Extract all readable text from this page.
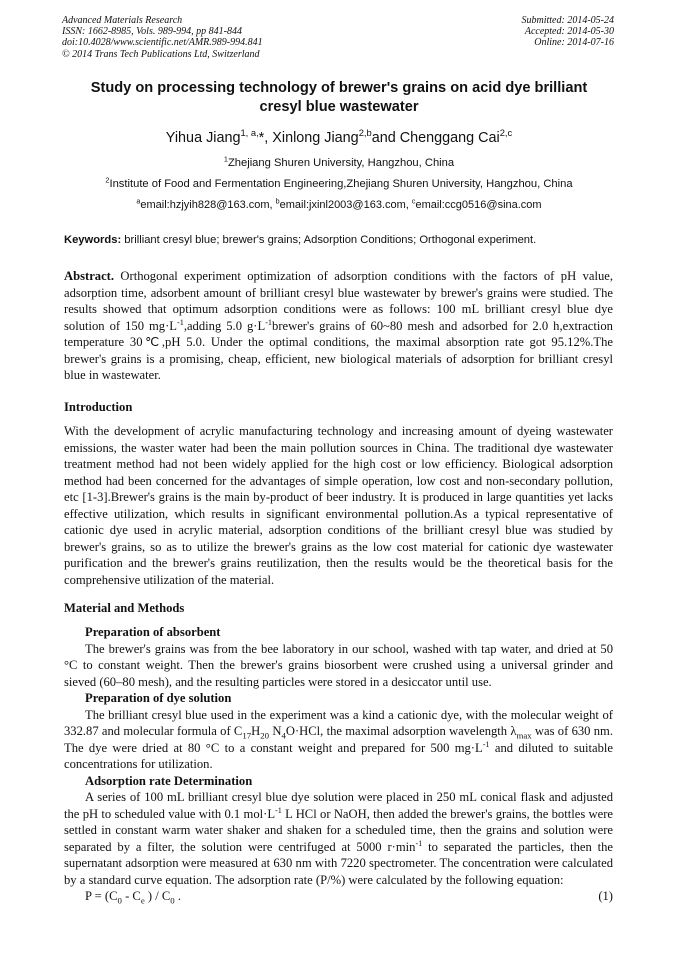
Advanced Materials Research
ISSN: 1662-8985, Vols. 989-994, pp 841-844
doi:10.4028/www.scientific.net/AMR.989-994.841
© 2014 Trans Tech Publications Ltd, Switzerland
Submitted: 2014-05-24
Accepted: 2014-05-30
Online: 2014-07-16
Study on processing technology of brewer's grains on acid dye brilliant
cresyl blue wastewater
Yihua Jiang$^{1, a,}$*, Xinlong Jiang$^{2,b}$and Chenggang Cai$^{2,c}$
$^1$Zhejiang Shuren University, Hangzhou, China
$^2$Institute of Food and Fermentation Engineering,Zhejiang Shuren University, Hangzhou, China
$^a$email:hzjyih828@163.com, $^b$email:jxinl2003@163.com, $^c$email:ccg0516@sina.com
Keywords: brilliant cresyl blue; brewer's grains; Adsorption Conditions; Orthogonal experiment.
Abstract. Orthogonal experiment optimization of adsorption conditions with the factors of pH value, adsorption time, adsorbent amount of brilliant cresyl blue wastewater by brewer's grains were studied. The results showed that optimum adsorption conditions were as follows: 100 mL brilliant cresyl blue dye solution of 150 $mg\cdot L^{-1},adding$ 5.0 $g\cdot L^{-1}brewer's$ grains of 60~80 mesh and adsorbed for 2.0 h,extraction temperature 30℃,pH 5.0. Under the optimal conditions, the maximal absorption rate got 95.12%.The brewer's grains is a promising, cheap, efficient, new biological materials of adsorption for brilliant cresyl blue in wastewater.
Introduction
With the development of acrylic manufacturing technology and increasing amount of dyeing wastewater emissions, the waster water had been the main pollution sources in China. The traditional dye wastewater treatment method had not been widely applied for the high cost or low efficiency. Biological adsorption method had been concerned for the advantages of simple operation, low cost and non-secondary pollution, etc [1-3].Brewer's grains is the main by-product of beer industry. It is produced in large quantities yet lacks effective utilization, which results in significant environmental pollution.As a typical representative of cationic dye used in acrylic material, adsorption conditions of the brilliant cresyl blue was studied by brewer's grains, so as to utilize the brewer's grains as the low cost material for cationic dye wastewater purification and the brewer's grains reutilization, then the results would be the theoretical basis for the comprehensive utilization of the material.
Material and Methods
Preparation of absorbent
The brewer's grains was from the bee laboratory in our school, washed with tap water, and dried at 50 °C to constant weight. Then the brewer's grains biosorbent were crushed using a universal grinder and sieved (60–80 mesh), and the resulting particles were stored in a desiccator until use.
Preparation of dye solution
The brilliant cresyl blue used in the experiment was a kind a cationic dye, with the molecular weight of 332.87 and molecular formula of $C_{17}H_{20}$ $N_4O\cdot HCl$, the maximal adsorption wavelength $\lambda_{max}$ was of 630 nm. The dye were dried at 80 °C to a constant weight and prepared for 500 $mg\cdot L^{-1}$ and diluted to suitable concentrations for utilization.
Adsorption rate Determination
A series of 100 mL brilliant cresyl blue dye solution were placed in 250 mL conical flask and adjusted the pH to scheduled value with 0.1 $mol\cdot L^{-1}$ L HCl or NaOH, then added the brewer's grains, the bottles were settled in constant warm water shaker and shaken for a scheduled time, then the grains and solution were separated by a filter, the solution were centrifuged at 5000 $r\cdot\min^{-1}$ to separated the particles, then the supernatant adsorption were measured at 630 nm with 7220 spectrometer. The concentration were calculated by a standard curve equation. The adsorption rate (P/%) were calculated by the following equation:
$P = (C_0 - C_e$ ) / $C_0$ .	(1)
